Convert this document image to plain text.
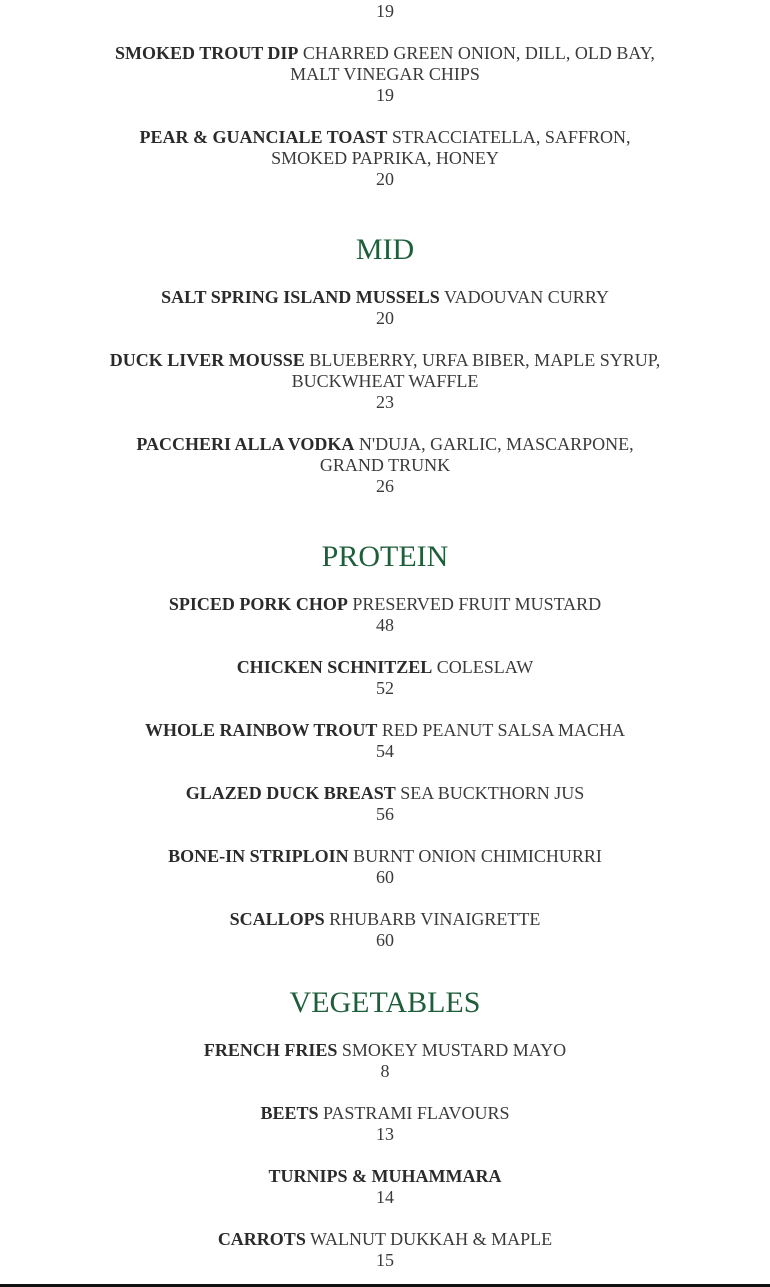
19
SMOKED TROUT DIP CHARRED GREEN ONION, DILL, OLD BAY, MALT VINEGAR CHIPS
19
PEAR & GUANCIALE TOAST STRACCIATELLA, SAFFRON, SMOKED PAPRIKA, HONEY
20
MID
SALT SPRING ISLAND MUSSELS VADOUVAN CURRY
20
DUCK LIVER MOUSSE BLUEBERRY, URFA BIBER, MAPLE SYRUP, BUCKWHEAT WAFFLE
23
PACCHERI ALLA VODKA N'DUJA, GARLIC, MASCARPONE, GRAND TRUNK
26
PROTEIN
SPICED PORK CHOP PRESERVED FRUIT MUSTARD
48
CHICKEN SCHNITZEL COLESLAW
52
WHOLE RAINBOW TROUT RED PEANUT SALSA MACHA
54
GLAZED DUCK BREAST SEA BUCKTHORN JUS
56
BONE-IN STRIPLOIN BURNT ONION CHIMICHURRI
60
SCALLOPS RHUBARB VINAIGRETTE
60
VEGETABLES
FRENCH FRIES SMOKEY MUSTARD MAYO
8
BEETS PASTRAMI FLAVOURS
13
TURNIPS & MUHAMMARA
14
CARROTS WALNUT DUKKAH & MAPLE
15
